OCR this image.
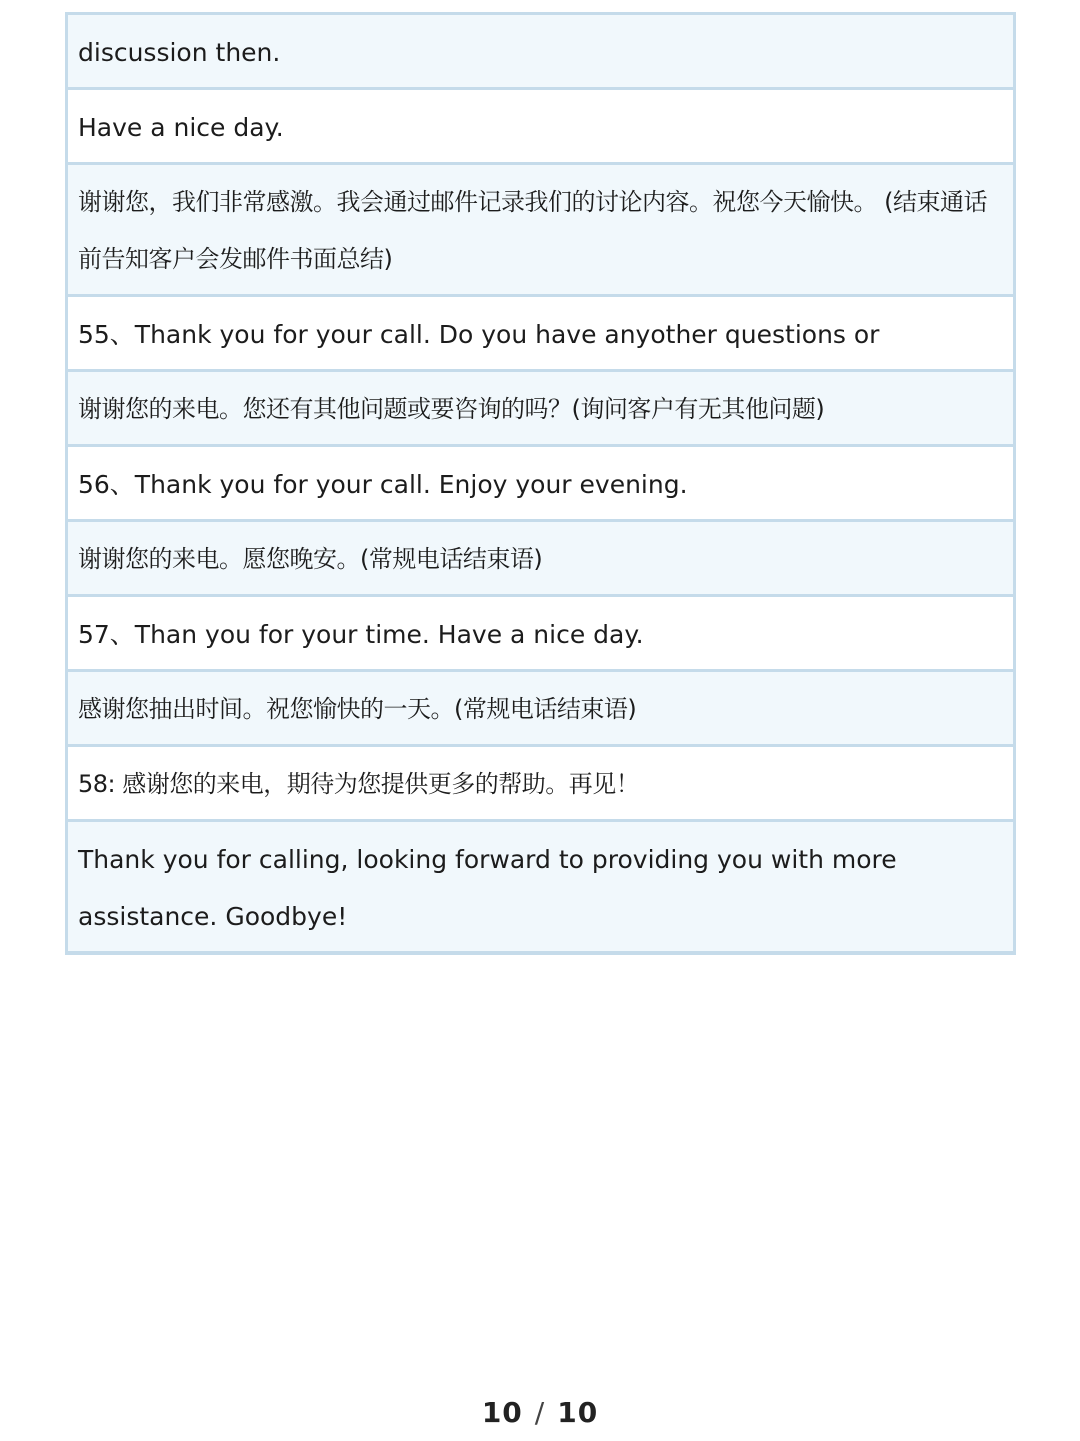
discussion then.
Have a nice day.
谢谢您，我们非常感激。我会通过邮件记录我们的讨论内容。祝您今天愉快。 (结束通话前告知客户会发邮件书面总结)
55、Thank you for your call. Do you have anyother questions or
谢谢您的来电。您还有其他问题或要咨询的吗？(询问客户有无其他问题)
56、Thank you for your call. Enjoy your evening.
谢谢您的来电。愿您晚安。(常规电话结束语)
57、Than you for your time. Have a nice day.
感谢您抽出时间。祝您愉快的一天。(常规电话结束语)
58: 感谢您的来电，期待为您提供更多的帮助。再见！
Thank you for calling, looking forward to providing you with more assistance. Goodbye!
10 / 10
